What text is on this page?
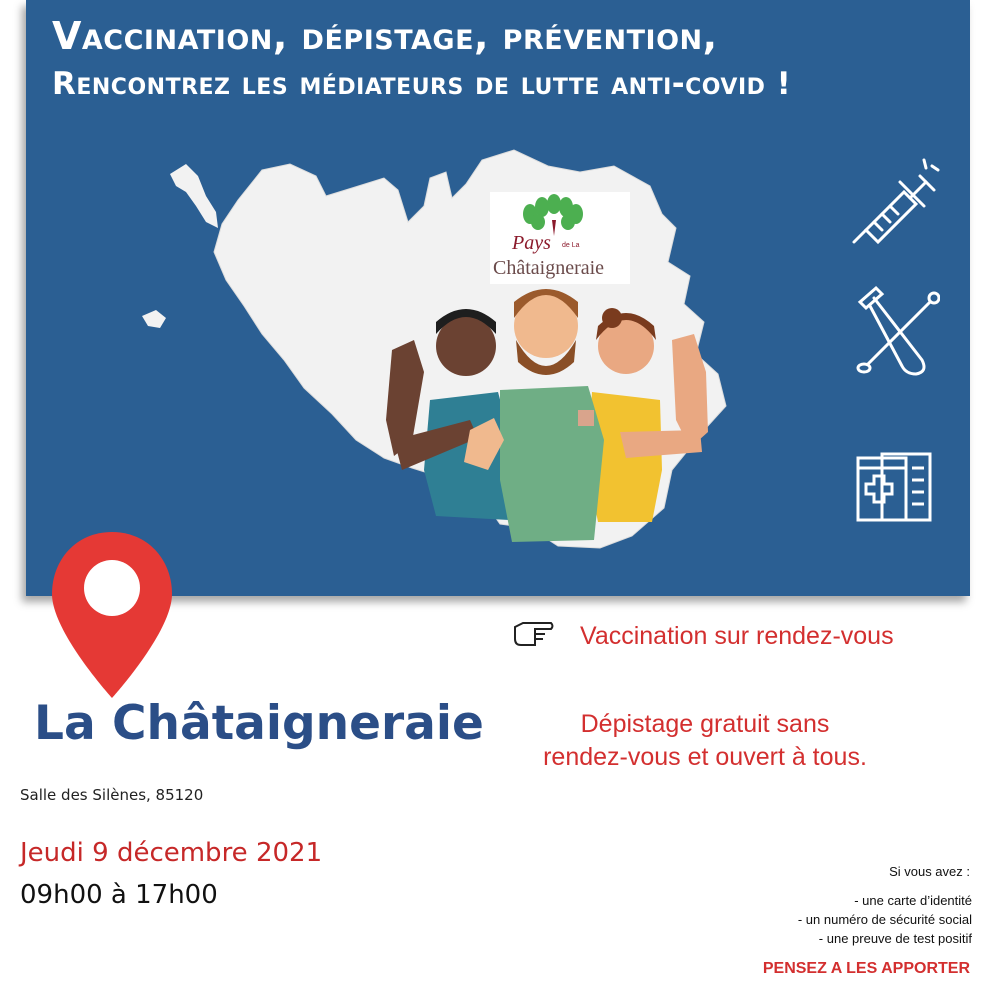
Vaccination, dépistage, prévention,
Rencontrez les médiateurs de lutte anti-covid !
Pays de La
Châtaigneraie
La Châtaigneraie
Salle des Silènes, 85120
Jeudi 9 décembre 2021
09h00 à 17h00
Vaccination sur rendez-vous
Dépistage gratuit sans
rendez-vous et ouvert à tous.
Si vous avez :
- une carte d’identité
- un numéro de sécurité social
- une preuve de test positif
PENSEZ A LES APPORTER
